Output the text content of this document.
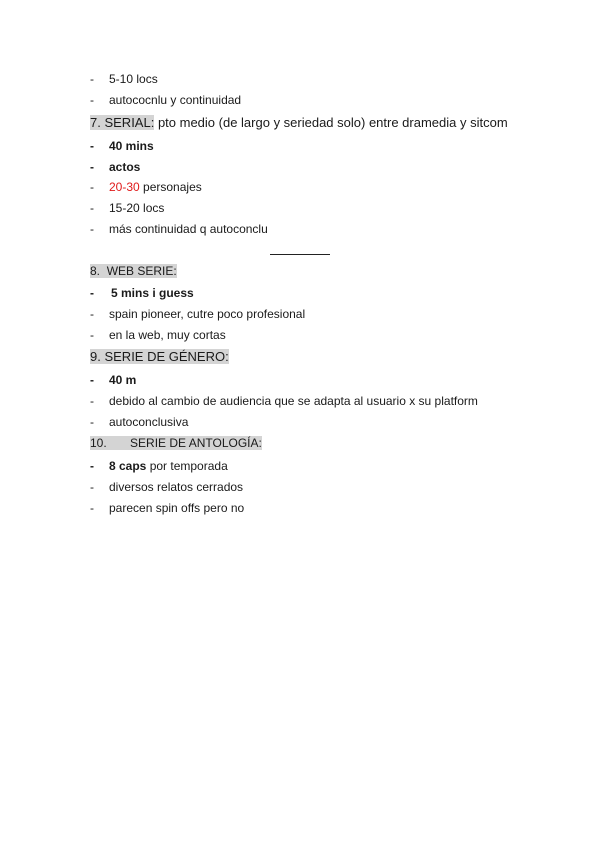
- 5-10 locs
- autococnlu y continuidad
7. SERIAL: pto medio (de largo y seriedad solo) entre dramedia y sitcom
- 40 mins
- actos
- 20-30 personajes
- 15-20 locs
- más continuidad q autoconclu
8. WEB SERIE:
- 5 mins i guess
- spain pioneer, cutre poco profesional
- en la web, muy cortas
9. SERIE DE GÉNERO:
- 40 m
- debido al cambio de audiencia que se adapta al usuario x su platform
- autoconclusiva
10. SERIE DE ANTOLOGÍA:
- 8 caps por temporada
- diversos relatos cerrados
- parecen spin offs pero no
